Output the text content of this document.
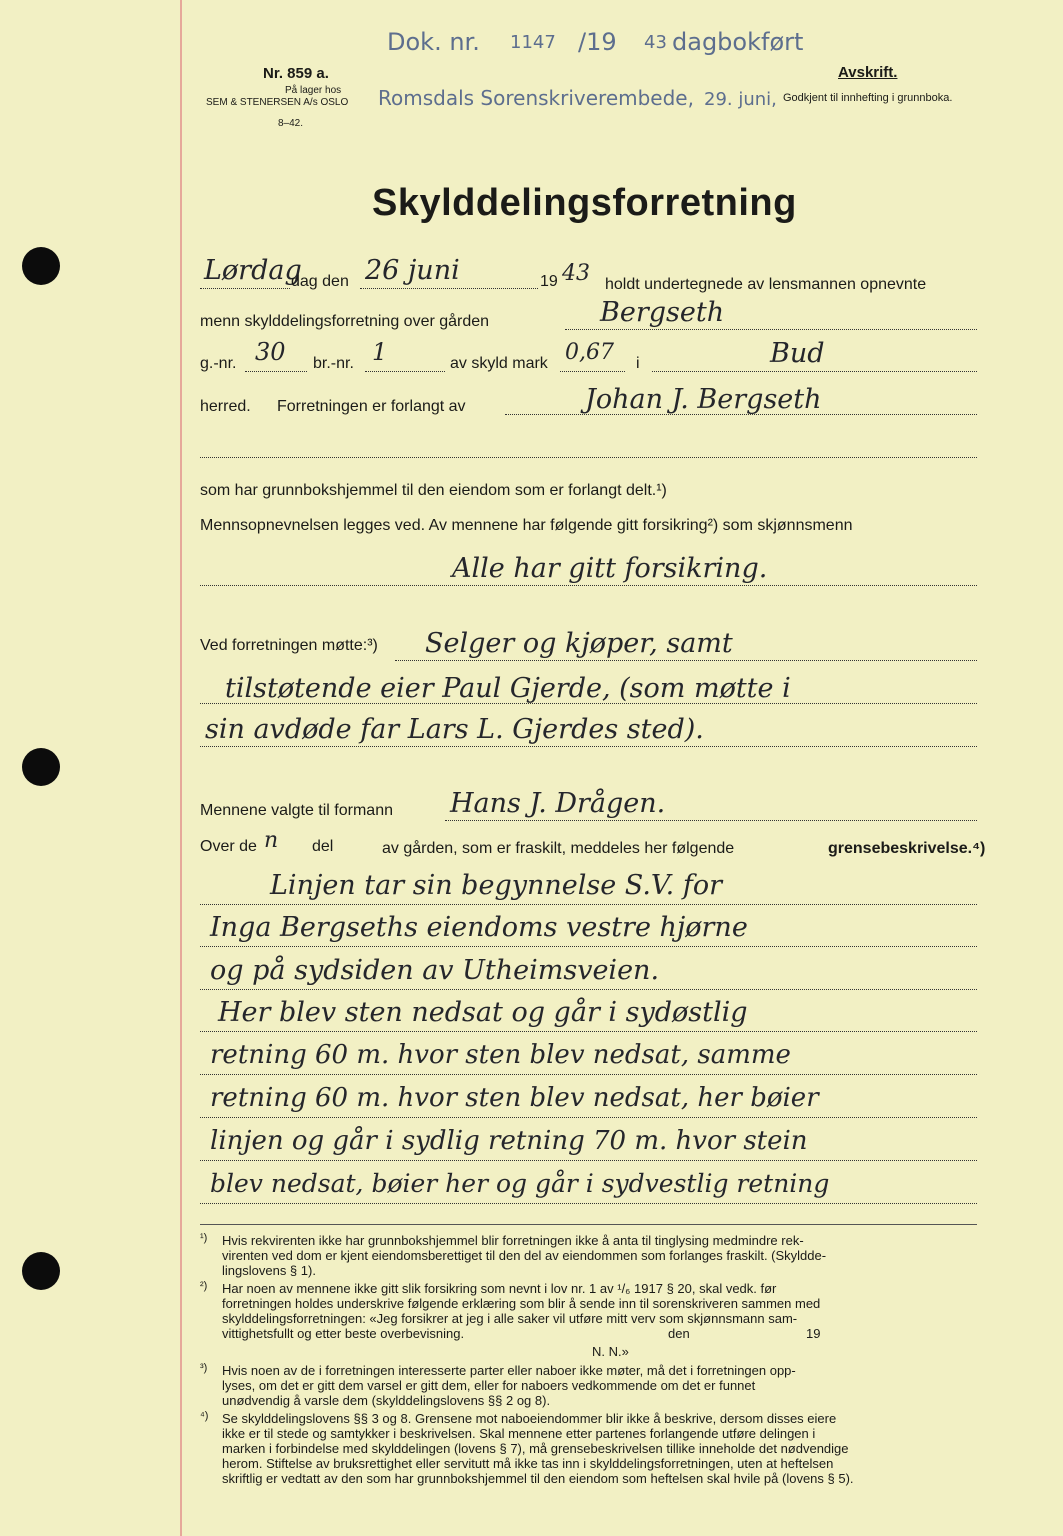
Nr. 859 a.
På lager hos
SEM & STENERSEN A/s OSLO
8–42.
Dok. nr. 1147 /19 43 dagbokført
Romsdals Sorenskriverembede, 29. juni,
Avskrift.
Godkjent til innhefting i grunnboka.
Skylddelingsforretning
Lørdag
dag den 26 juni	19 43 holdt undertegnede av lensmannen opnevnte
menn skylddelingsforretning over gården	Bergseth
g.-nr. 30 br.-nr. 1	av skyld mark 0,67 i	Bud
herred. Forretningen er forlangt av	Johan J. Bergseth
som har grunnbokshjemmel til den eiendom som er forlangt delt.¹)
Mennsopnevnelsen legges ved. Av mennene har følgende gitt forsikring²) som skjønnsmenn
Alle har gitt forsikring.
Ved forretningen møtte:³) Selger og kjøper, samt
tilstøtende eier Paul Gjerde, (som møtte i
sin avdøde far Lars L. Gjerdes sted).
Mennene valgte til formann Hans J. Drågen.
Over de n del	av gården, som er fraskilt, meddeles her følgende	grensebeskrivelse.⁴)
Linjen tar sin begynnelse S.V. for
Inga Bergseths eiendoms vestre hjørne
og på sydsiden av Utheimsveien.
Her blev sten nedsat og går i sydøstlig
retning 60 m. hvor sten blev nedsat, samme
retning 60 m. hvor sten blev nedsat, her bøier
linjen og går i sydlig retning 70 m. hvor stein
blev nedsat, bøier her og går i sydvestlig retning
¹) Hvis rekvirenten ikke har grunnbokshjemmel blir forretningen ikke å anta til tinglysing medmindre rek-
virenten ved dom er kjent eiendomsberettiget til den del av eiendommen som forlanges fraskilt. (Skyldde-
lingslovens § 1).
²) Har noen av mennene ikke gitt slik forsikring som nevnt i lov nr. 1 av ¹/₆ 1917 § 20, skal vedk. før
forretningen holdes underskrive følgende erklæring som blir å sende inn til sorenskriveren sammen med
skylddelingsforretningen: «Jeg forsikrer at jeg i alle saker vil utføre mitt verv som skjønnsmann sam-
vittighetsfullt og etter beste overbevisning.	den	19
N. N.»
³) Hvis noen av de i forretningen interesserte parter eller naboer ikke møter, må det i forretningen opp-
lyses, om det er gitt dem varsel er gitt dem, eller for naboers vedkommende om det er funnet
unødvendig å varsle dem (skylddelingslovens §§ 2 og 8).
⁴) Se skylddelingslovens §§ 3 og 8. Grensene mot naboeiendommer blir ikke å beskrive, dersom disses eiere
ikke er til stede og samtykker i beskrivelsen. Skal mennene etter partenes forlangende utføre delingen i
marken i forbindelse med skylddelingen (lovens § 7), må grensebeskrivelsen tillike inneholde det nødvendige
herom. Stiftelse av bruksrettighet eller servitutt må ikke tas inn i skylddelingsforretningen, uten at heftelsen
skriftlig er vedtatt av den som har grunnbokshjemmel til den eiendom som heftelsen skal hvile på (lovens § 5).
